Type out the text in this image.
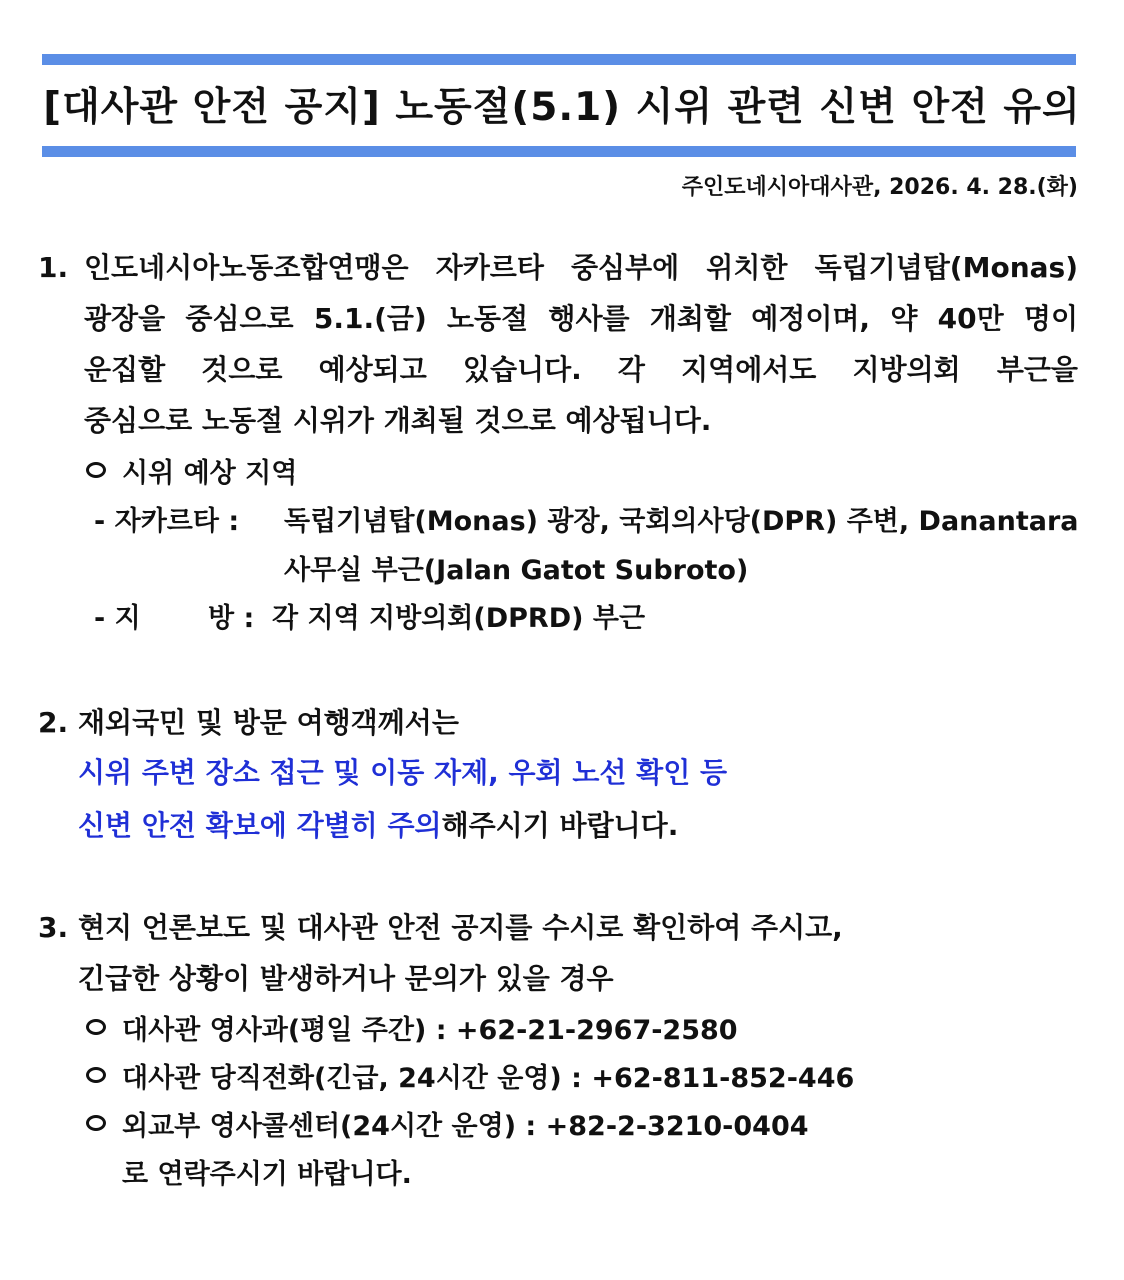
[대사관 안전 공지] 노동절(5.1) 시위 관련 신변 안전 유의
주인도네시아대사관, 2026. 4. 28.(화)
1. 인도네시아노동조합연맹은 자카르타 중심부에 위치한 독립기념탑(Monas)
광장을 중심으로 5.1.(금) 노동절 행사를 개최할 예정이며, 약 40만 명이
운집할 것으로 예상되고 있습니다. 각 지역에서도 지방의회 부근을
중심으로 노동절 시위가 개최될 것으로 예상됩니다.
시위 예상 지역
- 자카르타 : 독립기념탑(Monas) 광장, 국회의사당(DPR) 주변, Danantara
사무실 부근(Jalan Gatot Subroto)
- 지 방 : 각 지역 지방의회(DPRD) 부근
2. 재외국민 및 방문 여행객께서는
시위 주변 장소 접근 및 이동 자제, 우회 노선 확인 등
신변 안전 확보에 각별히 주의해주시기 바랍니다.
3. 현지 언론보도 및 대사관 안전 공지를 수시로 확인하여 주시고,
긴급한 상황이 발생하거나 문의가 있을 경우
대사관 영사과(평일 주간) : +62-21-2967-2580
대사관 당직전화(긴급, 24시간 운영) : +62-811-852-446
외교부 영사콜센터(24시간 운영) : +82-2-3210-0404
로 연락주시기 바랍니다.
